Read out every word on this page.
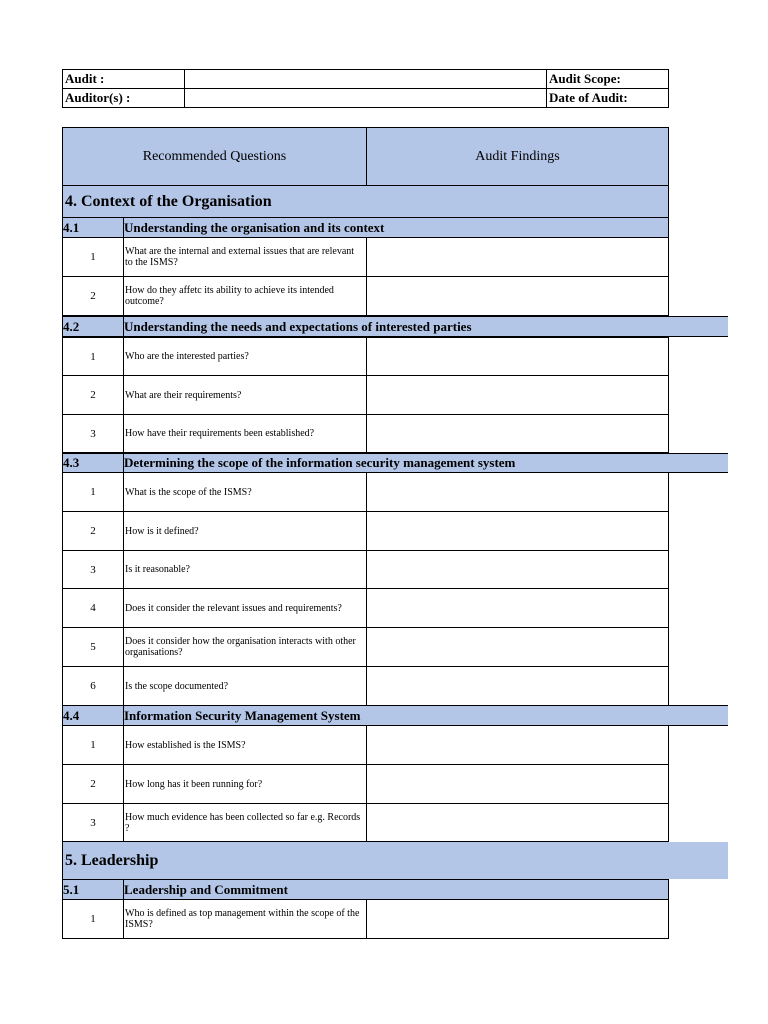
Audit :	Audit Scope:
Auditor(s) :	Date of Audit:
Recommended Questions	Audit Findings
4. Context of the Organisation
4.1	Understanding the organisation and its context
1	What are the internal and external issues that are relevant to the ISMS?
2	How do they affetc its ability to achieve its intended outcome?
4.2	Understanding the needs and expectations of interested parties
1	Who are the interested parties?
2	What are their requirements?
3	How have their requirements been established?
4.3	Determining the scope of the information security management system
1	What is the scope of the ISMS?
2	How is it defined?
3	Is it reasonable?
4	Does it consider the relevant issues and requirements?
5	Does it consider how the organisation interacts with other organisations?
6	Is the scope documented?
4.4	Information Security Management System
1	How established is the ISMS?
2	How long has it been running for?
3	How much evidence has been collected so far e.g. Records ?
5. Leadership
5.1	Leadership and Commitment
1	Who is defined as top management within the scope of the ISMS?
